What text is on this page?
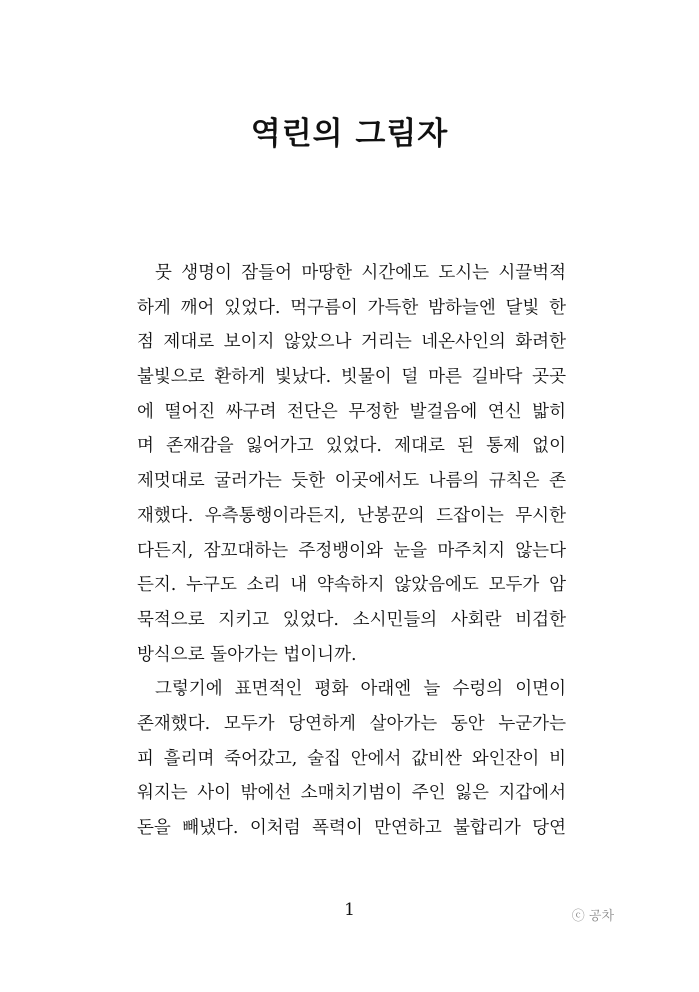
역린의 그림자
뭇 생명이 잠들어 마땅한 시간에도 도시는 시끌벅적
하게 깨어 있었다. 먹구름이 가득한 밤하늘엔 달빛 한
점 제대로 보이지 않았으나 거리는 네온사인의 화려한
불빛으로 환하게 빛났다. 빗물이 덜 마른 길바닥 곳곳
에 떨어진 싸구려 전단은 무정한 발걸음에 연신 밟히
며 존재감을 잃어가고 있었다. 제대로 된 통제 없이
제멋대로 굴러가는 듯한 이곳에서도 나름의 규칙은 존
재했다. 우측통행이라든지, 난봉꾼의 드잡이는 무시한
다든지, 잠꼬대하는 주정뱅이와 눈을 마주치지 않는다
든지. 누구도 소리 내 약속하지 않았음에도 모두가 암
묵적으로 지키고 있었다. 소시민들의 사회란 비겁한
방식으로 돌아가는 법이니까.
그렇기에 표면적인 평화 아래엔 늘 수렁의 이면이
존재했다. 모두가 당연하게 살아가는 동안 누군가는
피 흘리며 죽어갔고, 술집 안에서 값비싼 와인잔이 비
워지는 사이 밖에선 소매치기범이 주인 잃은 지갑에서
돈을 빼냈다. 이처럼 폭력이 만연하고 불합리가 당연
1	ⓒ 공차
